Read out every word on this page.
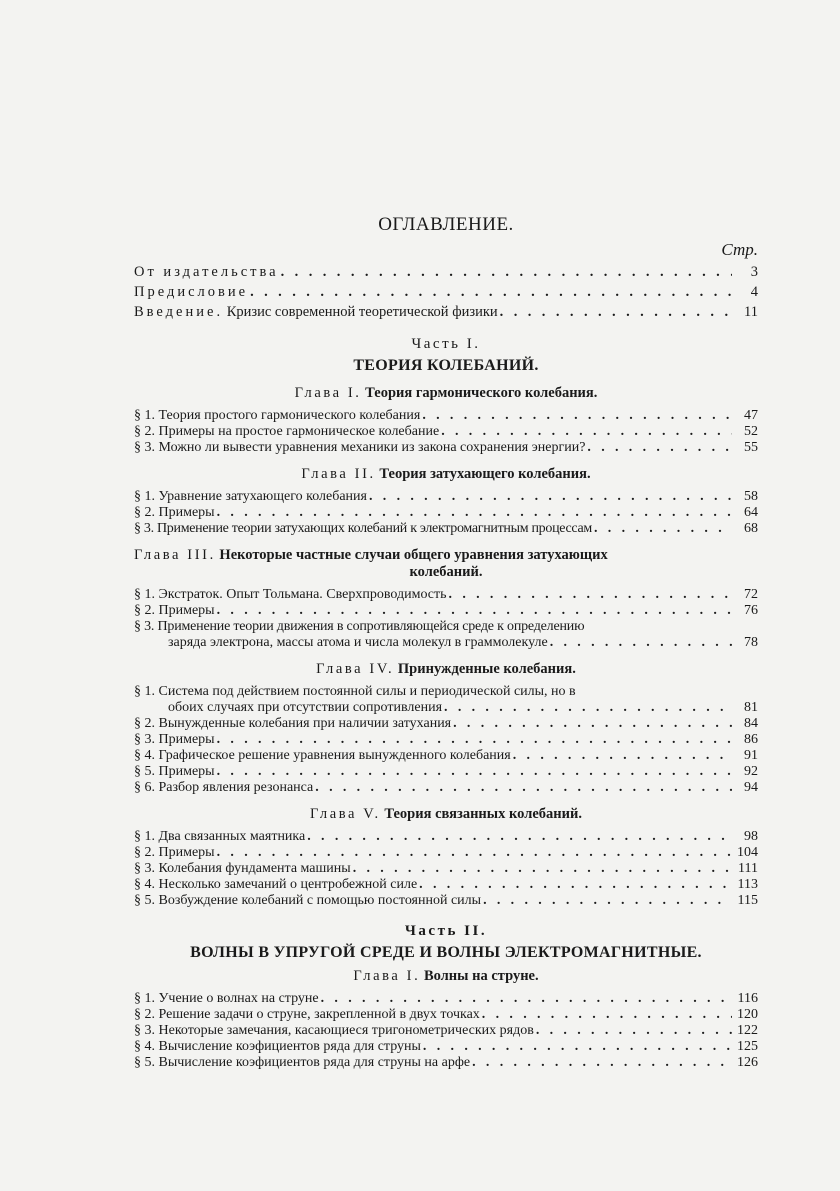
ОГЛАВЛЕНИЕ.
Стр.
От издательства . . .	3
Предисловие . . .	4
Введение. Кризис современной теоретической физики . . .	11
Часть I.
ТЕОРИЯ КОЛЕБАНИЙ.
Глава I. Теория гармонического колебания.
§ 1. Теория простого гармонического колебания . . .	47
§ 2. Примеры на простое гармоническое колебание . . .	52
§ 3. Можно ли вывести уравнения механики из закона сохранения энергии? . . .	55
Глава II. Теория затухающего колебания.
§ 1. Уравнение затухающего колебания . . .	58
§ 2. Примеры . . .	64
§ 3. Применение теории затухающих колебаний к электромагнитным процессам . . .	68
Глава III. Некоторые частные случаи общего уравнения затухающих
колебаний.
§ 1. Экстраток. Опыт Тольмана. Сверхпроводимость . . .	72
§ 2. Примеры . . .	76
§ 3. Применение теории движения в сопротивляющейся среде к определению
заряда электрона, массы атома и числа молекул в граммолекуле . . .	78
Глава IV. Принужденные колебания.
§ 1. Система под действием постоянной силы и периодической силы, но в
обоих случаях при отсутствии сопротивления . . .	81
§ 2. Вынужденные колебания при наличии затухания . . .	84
§ 3. Примеры . . .	86
§ 4. Графическое решение уравнения вынужденного колебания . . .	91
§ 5. Примеры . . .	92
§ 6. Разбор явления резонанса . . .	94
Глава V. Теория связанных колебаний.
§ 1. Два связанных маятника . . .	98
§ 2. Примеры . . .	104
§ 3. Колебания фундамента машины . . .	111
§ 4. Несколько замечаний о центробежной силе . . .	113
§ 5. Возбуждение колебаний с помощью постоянной силы . . .	115
Часть II.
ВОЛНЫ В УПРУГОЙ СРЕДЕ И ВОЛНЫ ЭЛЕКТРОМАГНИТНЫЕ.
Глава I. Волны на струне.
§ 1. Учение о волнах на струне . . .	116
§ 2. Решение задачи о струне, закрепленной в двух точках . . .	120
§ 3. Некоторые замечания, касающиеся тригонометрических рядов . . .	122
§ 4. Вычисление коэфициентов ряда для струны . . .	125
§ 5. Вычисление коэфициентов ряда для струны на арфе . . .	126
